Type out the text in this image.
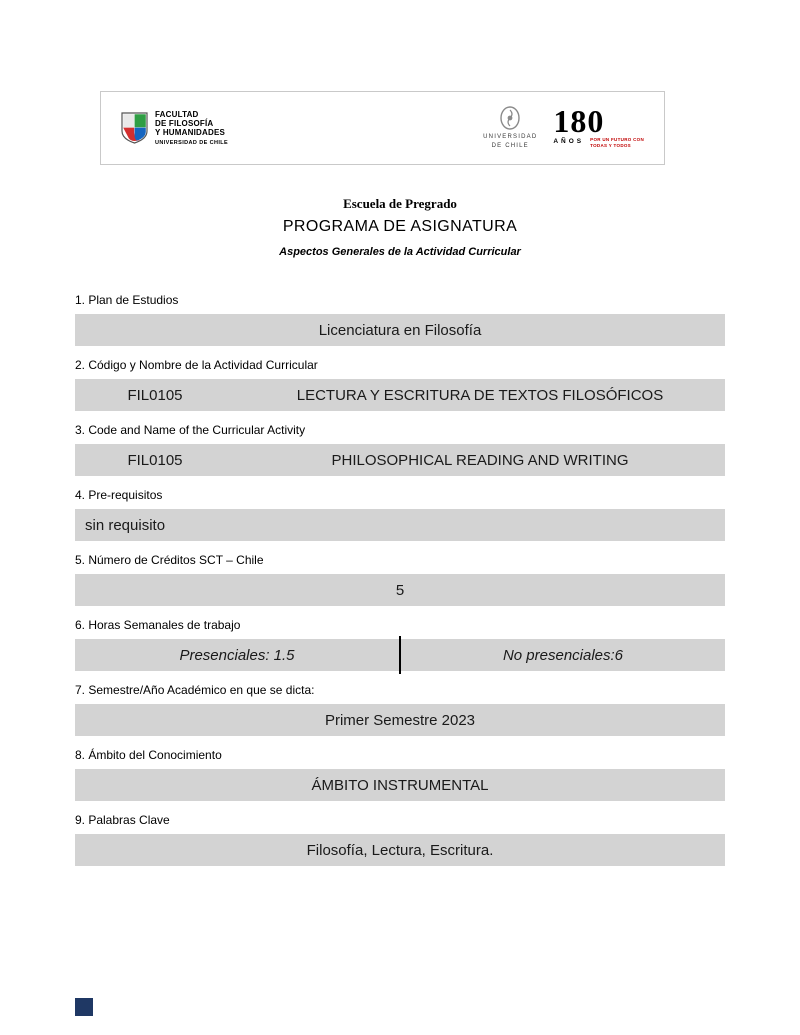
FACULTAD
DE FILOSOFÍA
Y HUMANIDADES
UNIVERSIDAD DE CHILE
UNIVERSIDAD
DE CHILE
180
AÑOS POR UN FUTURO CON
TODAS Y TODOS
Escuela de Pregrado
PROGRAMA DE ASIGNATURA
Aspectos Generales de la Actividad Curricular
1. Plan de Estudios
Licenciatura en Filosofía
2. Código y Nombre de la Actividad Curricular
FIL0105	LECTURA Y ESCRITURA DE TEXTOS FILOSÓFICOS
3. Code and Name of the Curricular Activity
FIL0105	PHILOSOPHICAL READING AND WRITING
4. Pre-requisitos
sin requisito
5. Número de Créditos SCT – Chile
5
6. Horas Semanales de trabajo
Presenciales: 1.5	No presenciales:6
7. Semestre/Año Académico en que se dicta:
Primer Semestre 2023
8. Ámbito del Conocimiento
ÁMBITO INSTRUMENTAL
9. Palabras Clave
Filosofía, Lectura, Escritura.
